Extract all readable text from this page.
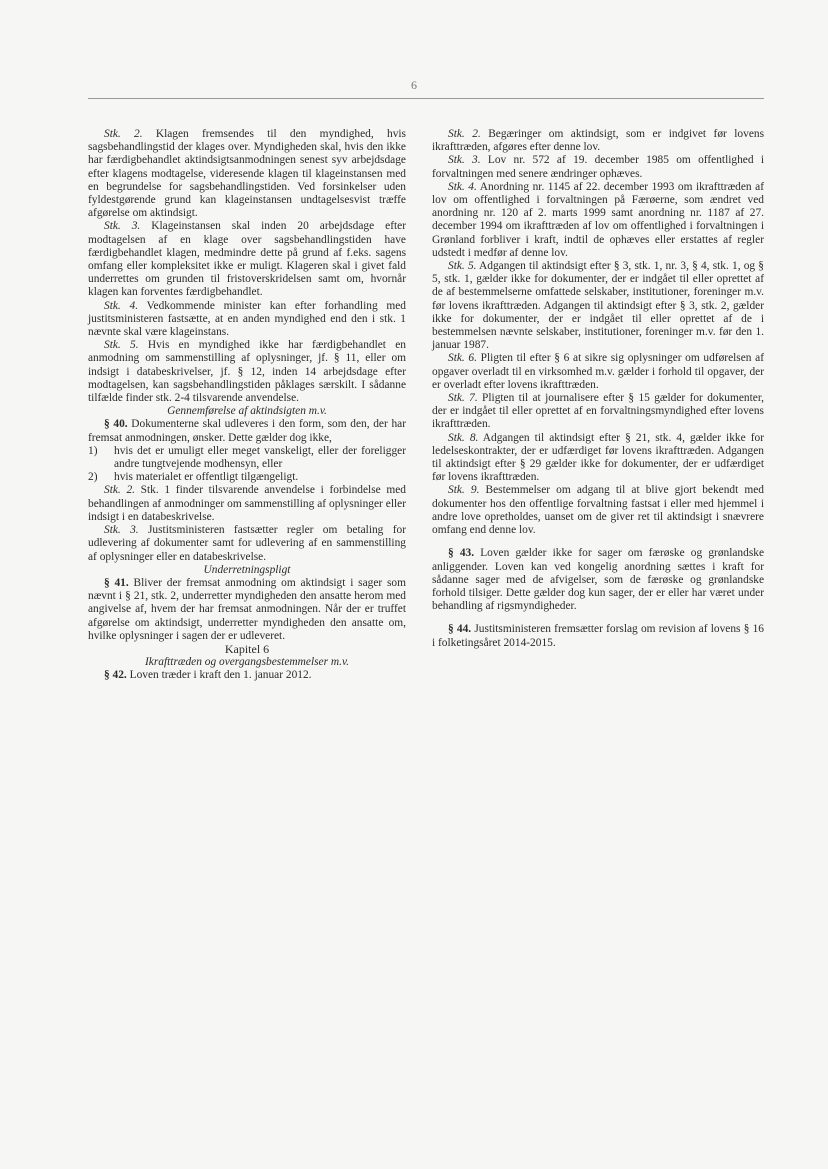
6

Stk. 2. Klagen fremsendes til den myndighed, hvis sagsbehandlingstid der klages over. Myndigheden skal, hvis den ikke har færdigbehandlet aktindsigtsanmodningen senest syv arbejdsdage efter klagens modtagelse, videresende klagen til klageinstansen med en begrundelse for sagsbehandlingstiden. Ved forsinkelser uden fyldestgørende grund kan klageinstansen undtagelsesvist træffe afgørelse om aktindsigt.

Stk. 3. Klageinstansen skal inden 20 arbejdsdage efter modtagelsen af en klage over sagsbehandlingstiden have færdigbehandlet klagen, medmindre dette på grund af f.eks. sagens omfang eller kompleksitet ikke er muligt. Klageren skal i givet fald underrettes om grunden til fristoverskridelsen samt om, hvornår klagen kan forventes færdigbehandlet.

Stk. 4. Vedkommende minister kan efter forhandling med justitsministeren fastsætte, at en anden myndighed end den i stk. 1 nævnte skal være klageinstans.

Stk. 5. Hvis en myndighed ikke har færdigbehandlet en anmodning om sammenstilling af oplysninger, jf. § 11, eller om indsigt i databeskrivelser, jf. § 12, inden 14 arbejdsdage efter modtagelsen, kan sagsbehandlingstiden påklages særskilt. I sådanne tilfælde finder stk. 2-4 tilsvarende anvendelse.

Gennemførelse af aktindsigten m.v.

§ 40. Dokumenterne skal udleveres i den form, som den, der har fremsat anmodningen, ønsker. Dette gælder dog ikke,

1)	hvis det er umuligt eller meget vanskeligt, eller der foreligger andre tungtvejende modhensyn, eller
2)	hvis materialet er offentligt tilgængeligt.

Stk. 2. Stk. 1 finder tilsvarende anvendelse i forbindelse med behandlingen af anmodninger om sammenstilling af oplysninger eller indsigt i en databeskrivelse.

Stk. 3. Justitsministeren fastsætter regler om betaling for udlevering af dokumenter samt for udlevering af en sammenstilling af oplysninger eller en databeskrivelse.

Underretningspligt

§ 41. Bliver der fremsat anmodning om aktindsigt i sager som nævnt i § 21, stk. 2, underretter myndigheden den ansatte herom med angivelse af, hvem der har fremsat anmodningen. Når der er truffet afgørelse om aktindsigt, underretter myndigheden den ansatte om, hvilke oplysninger i sagen der er udleveret.

Kapitel 6

Ikrafttræden og overgangsbestemmelser m.v.

§ 42. Loven træder i kraft den 1. januar 2012.

Stk. 2. Begæringer om aktindsigt, som er indgivet før lovens ikrafttræden, afgøres efter denne lov.

Stk. 3. Lov nr. 572 af 19. december 1985 om offentlighed i forvaltningen med senere ændringer ophæves.

Stk. 4. Anordning nr. 1145 af 22. december 1993 om ikrafttræden af lov om offentlighed i forvaltningen på Færøerne, som ændret ved anordning nr. 120 af 2. marts 1999 samt anordning nr. 1187 af 27. december 1994 om ikrafttræden af lov om offentlighed i forvaltningen i Grønland forbliver i kraft, indtil de ophæves eller erstattes af regler udstedt i medfør af denne lov.

Stk. 5. Adgangen til aktindsigt efter § 3, stk. 1, nr. 3, § 4, stk. 1, og § 5, stk. 1, gælder ikke for dokumenter, der er indgået til eller oprettet af de af bestemmelserne omfattede selskaber, institutioner, foreninger m.v. før lovens ikrafttræden. Adgangen til aktindsigt efter § 3, stk. 2, gælder ikke for dokumenter, der er indgået til eller oprettet af de i bestemmelsen nævnte selskaber, institutioner, foreninger m.v. før den 1. januar 1987.

Stk. 6. Pligten til efter § 6 at sikre sig oplysninger om udførelsen af opgaver overladt til en virksomhed m.v. gælder i forhold til opgaver, der er overladt efter lovens ikrafttræden.

Stk. 7. Pligten til at journalisere efter § 15 gælder for dokumenter, der er indgået til eller oprettet af en forvaltningsmyndighed efter lovens ikrafttræden.

Stk. 8. Adgangen til aktindsigt efter § 21, stk. 4, gælder ikke for ledelseskontrakter, der er udfærdiget før lovens ikrafttræden. Adgangen til aktindsigt efter § 29 gælder ikke for dokumenter, der er udfærdiget før lovens ikrafttræden.

Stk. 9. Bestemmelser om adgang til at blive gjort bekendt med dokumenter hos den offentlige forvaltning fastsat i eller med hjemmel i andre love opretholdes, uanset om de giver ret til aktindsigt i snævrere omfang end denne lov.

§ 43. Loven gælder ikke for sager om færøske og grønlandske anliggender. Loven kan ved kongelig anordning sættes i kraft for sådanne sager med de afvigelser, som de færøske og grønlandske forhold tilsiger. Dette gælder dog kun sager, der er eller har været under behandling af rigsmyndigheder.

§ 44. Justitsministeren fremsætter forslag om revision af lovens § 16 i folketingsåret 2014-2015.
